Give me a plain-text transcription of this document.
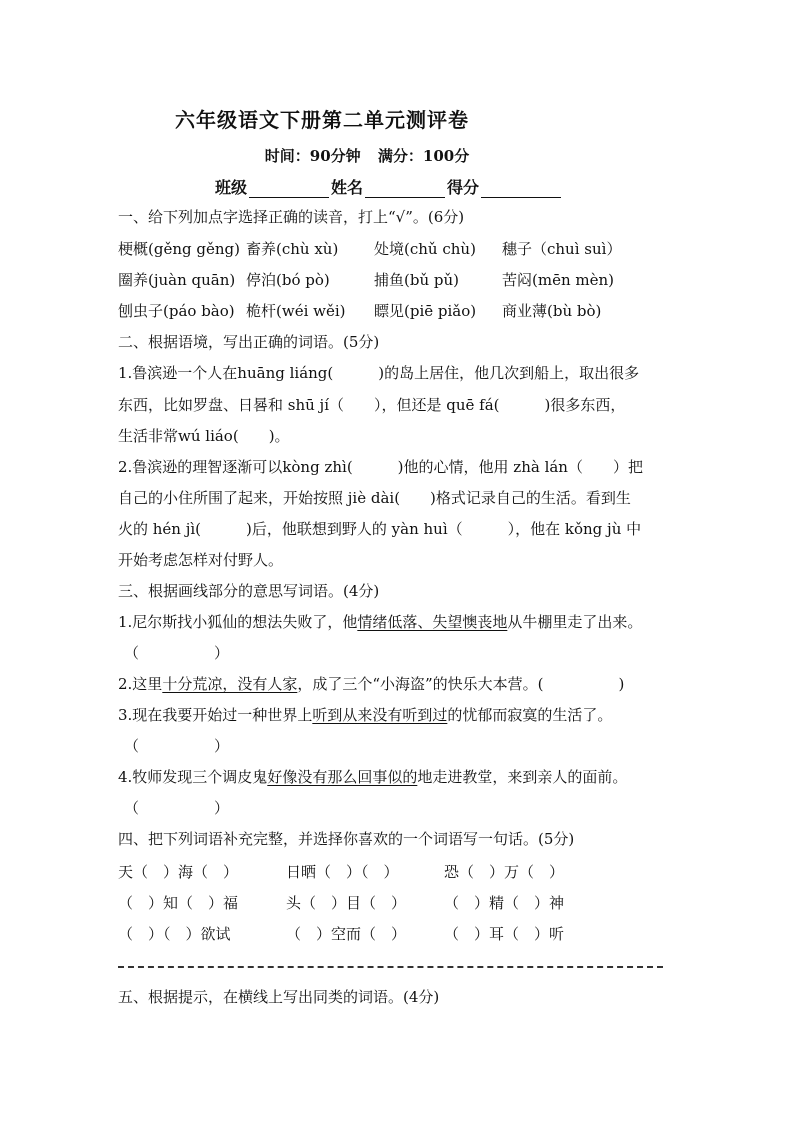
六年级语文下册第二单元测评卷
时间：90分钟 满分：100分
班级	姓名	得分
一、给下列加点字选择正确的读音，打上“√”。(6分)
梗概(gěng gěng) 畜养(chù xù) 处境(chǔ chù) 穗子（chuì suì）
圈养(juàn quān) 停泊(bó pò)	捕鱼(bǔ pǔ)	苦闷(mēn mèn)
刨虫子(páo bào) 桅杆(wéi wěi) 瞟见(piē piǎo) 商业薄(bù bò)
二、根据语境，写出正确的词语。(5分)
1.鲁滨逊一个人在huāng liáng(　　　)的岛上居住，他几次到船上，取出很多
东西，比如罗盘、日晷和 shū jí（　　），但还是 quē fá(　　　)很多东西，
生活非常wú liáo(　　)。
2.鲁滨逊的理智逐渐可以kòng zhì(　　　)他的心情，他用 zhà lán（　　）把
自己的小住所围了起来，开始按照 jiè dài(　　)格式记录自己的生活。看到生
火的 hén jì(　　　)后，他联想到野人的 yàn huì（　　　），他在 kǒng jù 中
开始考虑怎样对付野人。
三、根据画线部分的意思写词语。(4分)
1.尼尔斯找小狐仙的想法失败了，他情绪低落、失望懊丧地从牛棚里走了出来。
（　　　　　）
2.这里十分荒凉，没有人家，成了三个“小海盗”的快乐大本营。(　　　　　)
3.现在我要开始过一种世界上听到从来没有听到过的忧郁而寂寞的生活了。
（　　　　　）
4.牧师发现三个调皮鬼好像没有那么回事似的地走进教堂，来到亲人的面前。
（　　　　　）
四、把下列词语补充完整，并选择你喜欢的一个词语写一句话。(5分)
天（　）海（　）	日晒（　）（　）	恐（　）万（　）
（　）知（　）福	头（　）目（　）	（　）精（　）神
（　）（　）欲试	（　）空而（　）	（　）耳（　）听
五、根据提示，在横线上写出同类的词语。(4分)
